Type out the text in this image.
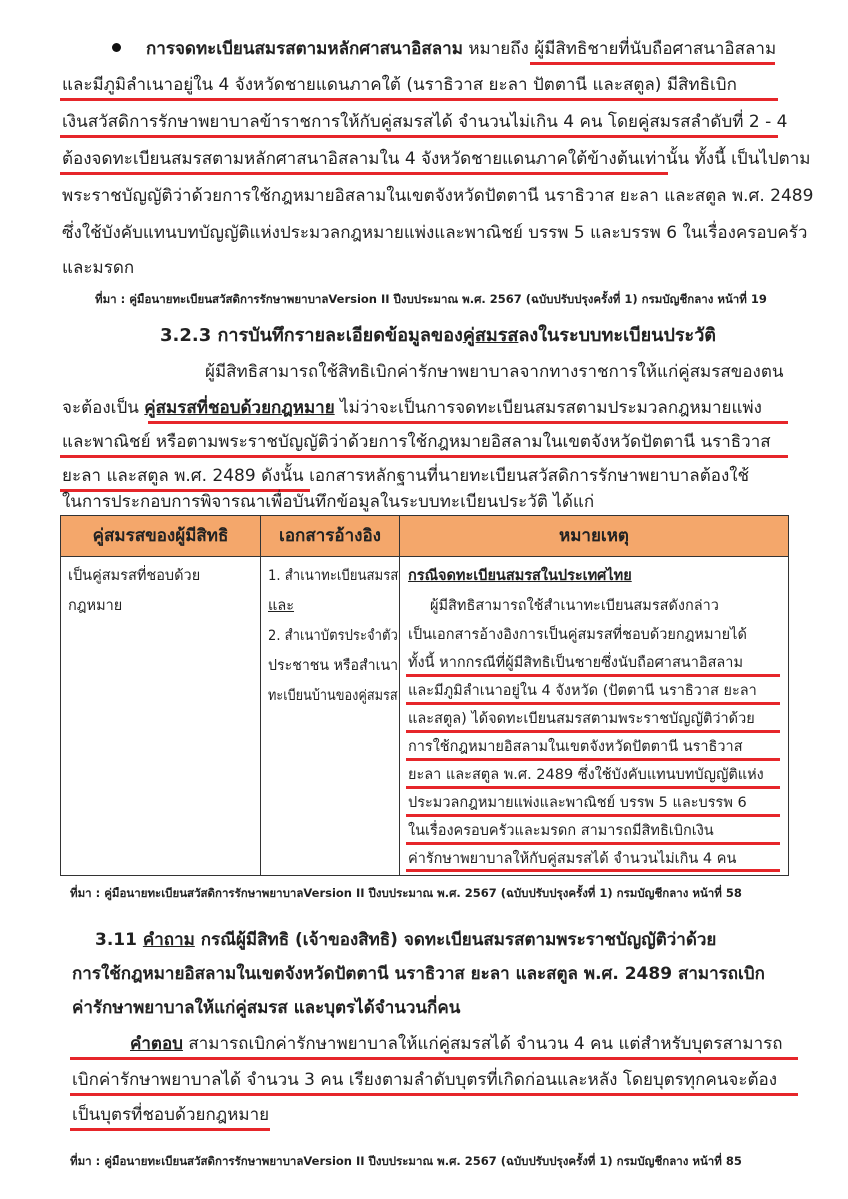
การจดทะเบียนสมรสตามหลักศาสนาอิสลาม หมายถึง ผู้มีสิทธิชายที่นับถือศาสนาอิสลาม
และมีภูมิลำเนาอยู่ใน 4 จังหวัดชายแดนภาคใต้ (นราธิวาส ยะลา ปัตตานี และสตูล) มีสิทธิเบิก
เงินสวัสดิการรักษาพยาบาลข้าราชการให้กับคู่สมรสได้ จำนวนไม่เกิน 4 คน โดยคู่สมรสลำดับที่ 2 - 4
ต้องจดทะเบียนสมรสตามหลักศาสนาอิสลามใน 4 จังหวัดชายแดนภาคใต้ข้างต้นเท่านั้น ทั้งนี้ เป็นไปตาม
พระราชบัญญัติว่าด้วยการใช้กฎหมายอิสลามในเขตจังหวัดปัตตานี นราธิวาส ยะลา และสตูล พ.ศ. 2489
ซึ่งใช้บังคับแทนบทบัญญัติแห่งประมวลกฎหมายแพ่งและพาณิชย์ บรรพ 5 และบรรพ 6 ในเรื่องครอบครัว
และมรดก
ที่มา : คู่มือนายทะเบียนสวัสดิการรักษาพยาบาลVersion II ปีงบประมาณ พ.ศ. 2567 (ฉบับปรับปรุงครั้งที่ 1) กรมบัญชีกลาง หน้าที่ 19
3.2.3 การบันทึกรายละเอียดข้อมูลของคู่สมรสลงในระบบทะเบียนประวัติ
ผู้มีสิทธิสามารถใช้สิทธิเบิกค่ารักษาพยาบาลจากทางราชการให้แก่คู่สมรสของตน
จะต้องเป็น คู่สมรสที่ชอบด้วยกฎหมาย ไม่ว่าจะเป็นการจดทะเบียนสมรสตามประมวลกฎหมายแพ่ง
และพาณิชย์ หรือตามพระราชบัญญัติว่าด้วยการใช้กฎหมายอิสลามในเขตจังหวัดปัตตานี นราธิวาส
ยะลา และสตูล พ.ศ. 2489 ดังนั้น เอกสารหลักฐานที่นายทะเบียนสวัสดิการรักษาพยาบาลต้องใช้
ในการประกอบการพิจารณาเพื่อบันทึกข้อมูลในระบบทะเบียนประวัติ ได้แก่
คู่สมรสของผู้มีสิทธิ	เอกสารอ้างอิง	หมายเหตุ
เป็นคู่สมรสที่ชอบด้วย
กฎหมาย
1. สำเนาทะเบียนสมรส
และ
2. สำเนาบัตรประจำตัว
ประชาชน หรือสำเนา
ทะเบียนบ้านของคู่สมรส
กรณีจดทะเบียนสมรสในประเทศไทย
ผู้มีสิทธิสามารถใช้สำเนาทะเบียนสมรสดังกล่าว
เป็นเอกสารอ้างอิงการเป็นคู่สมรสที่ชอบด้วยกฎหมายได้
ทั้งนี้ หากกรณีที่ผู้มีสิทธิเป็นชายซึ่งนับถือศาสนาอิสลาม
และมีภูมิลำเนาอยู่ใน 4 จังหวัด (ปัตตานี นราธิวาส ยะลา
และสตูล) ได้จดทะเบียนสมรสตามพระราชบัญญัติว่าด้วย
การใช้กฎหมายอิสลามในเขตจังหวัดปัตตานี นราธิวาส
ยะลา และสตูล พ.ศ. 2489 ซึ่งใช้บังคับแทนบทบัญญัติแห่ง
ประมวลกฎหมายแพ่งและพาณิชย์ บรรพ 5 และบรรพ 6
ในเรื่องครอบครัวและมรดก สามารถมีสิทธิเบิกเงิน
ค่ารักษาพยาบาลให้กับคู่สมรสได้ จำนวนไม่เกิน 4 คน
ที่มา : คู่มือนายทะเบียนสวัสดิการรักษาพยาบาลVersion II ปีงบประมาณ พ.ศ. 2567 (ฉบับปรับปรุงครั้งที่ 1) กรมบัญชีกลาง หน้าที่ 58
3.11 คำถาม กรณีผู้มีสิทธิ (เจ้าของสิทธิ) จดทะเบียนสมรสตามพระราชบัญญัติว่าด้วย
การใช้กฎหมายอิสลามในเขตจังหวัดปัตตานี นราธิวาส ยะลา และสตูล พ.ศ. 2489 สามารถเบิก
ค่ารักษาพยาบาลให้แก่คู่สมรส และบุตรได้จำนวนกี่คน
คำตอบ สามารถเบิกค่ารักษาพยาบาลให้แก่คู่สมรสได้ จำนวน 4 คน แต่สำหรับบุตรสามารถ
เบิกค่ารักษาพยาบาลได้ จำนวน 3 คน เรียงตามลำดับบุตรที่เกิดก่อนและหลัง โดยบุตรทุกคนจะต้อง
เป็นบุตรที่ชอบด้วยกฎหมาย
ที่มา : คู่มือนายทะเบียนสวัสดิการรักษาพยาบาลVersion II ปีงบประมาณ พ.ศ. 2567 (ฉบับปรับปรุงครั้งที่ 1) กรมบัญชีกลาง หน้าที่ 85
